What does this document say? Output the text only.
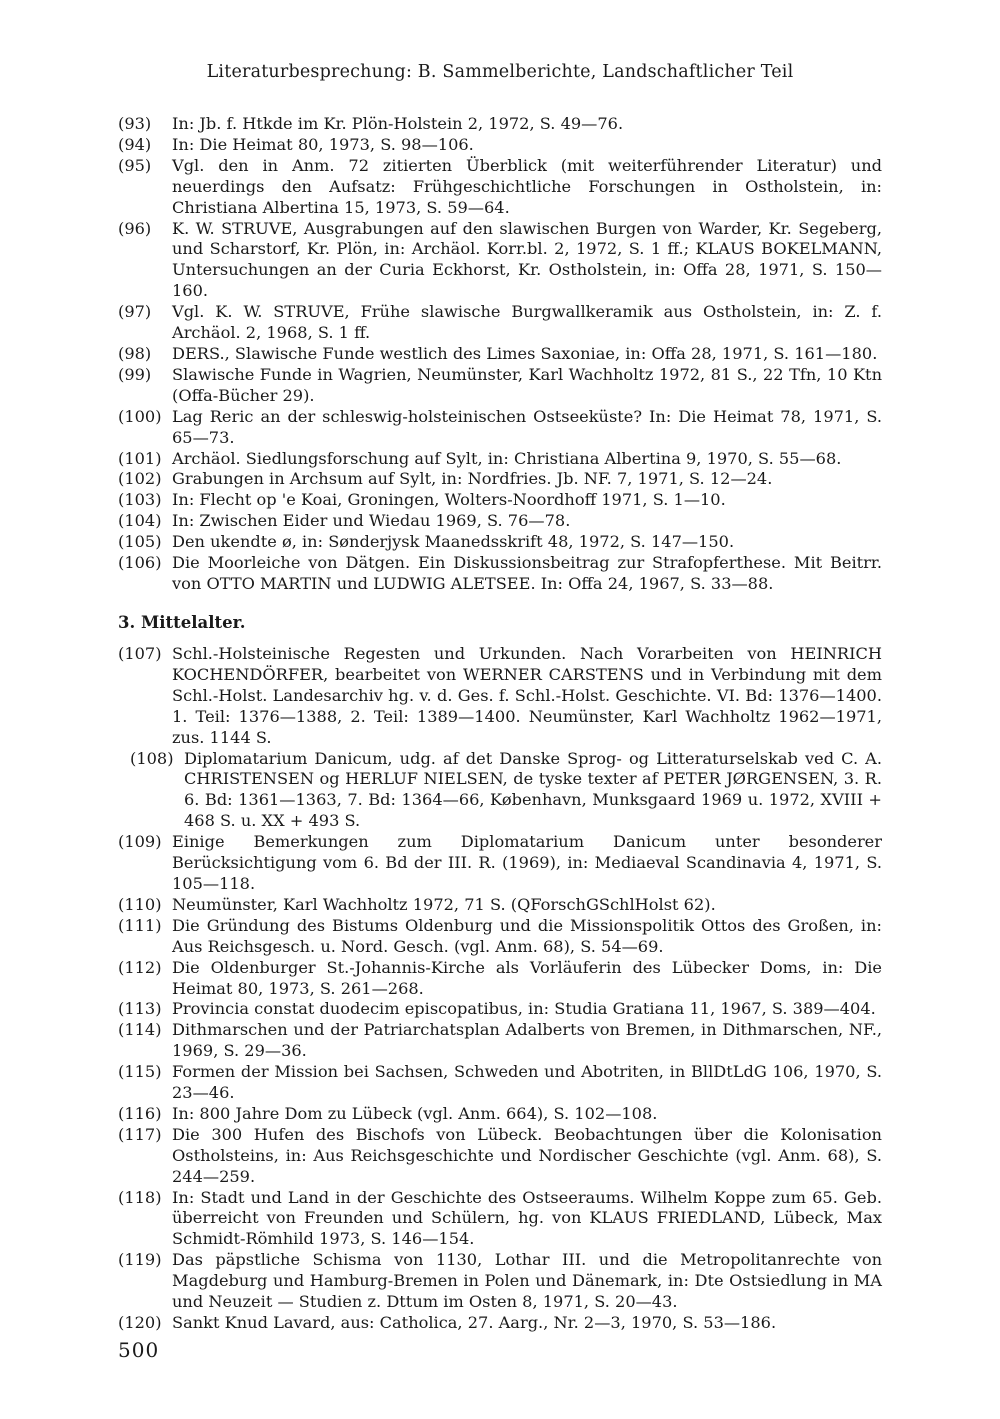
Literaturbesprechung: B. Sammelberichte, Landschaftlicher Teil

(93) In: Jb. f. Htkde im Kr. Plön-Holstein 2, 1972, S. 49—76.

(94) In: Die Heimat 80, 1973, S. 98—106.

(95) Vgl. den in Anm. 72 zitierten Überblick (mit weiterführender Literatur) und neuerdings den Aufsatz: Frühgeschichtliche Forschungen in Ostholstein, in: Christiana Albertina 15, 1973, S. 59—64.

(96) K. W. STRUVE, Ausgrabungen auf den slawischen Burgen von Warder, Kr. Segeberg, und Scharstorf, Kr. Plön, in: Archäol. Korr.bl. 2, 1972, S. 1 ff.; KLAUS BOKELMANN, Untersuchungen an der Curia Eckhorst, Kr. Ostholstein, in: Offa 28, 1971, S. 150—160.

(97) Vgl. K. W. STRUVE, Frühe slawische Burgwallkeramik aus Ostholstein, in: Z. f. Archäol. 2, 1968, S. 1 ff.

(98) DERS., Slawische Funde westlich des Limes Saxoniae, in: Offa 28, 1971, S. 161—180.

(99) Slawische Funde in Wagrien, Neumünster, Karl Wachholtz 1972, 81 S., 22 Tfn, 10 Ktn (Offa-Bücher 29).

(100) Lag Reric an der schleswig-holsteinischen Ostseeküste? In: Die Heimat 78, 1971, S. 65—73.

(101) Archäol. Siedlungsforschung auf Sylt, in: Christiana Albertina 9, 1970, S. 55—68.

(102) Grabungen in Archsum auf Sylt, in: Nordfries. Jb. NF. 7, 1971, S. 12—24.

(103) In: Flecht op 'e Koai, Groningen, Wolters-Noordhoff 1971, S. 1—10.

(104) In: Zwischen Eider und Wiedau 1969, S. 76—78.

(105) Den ukendte ø, in: Sønderjysk Maanedsskrift 48, 1972, S. 147—150.

(106) Die Moorleiche von Dätgen. Ein Diskussionsbeitrag zur Strafopferthese. Mit Beitrr. von OTTO MARTIN und LUDWIG ALETSEE. In: Offa 24, 1967, S. 33—88.

3. Mittelalter.

(107) Schl.-Holsteinische Regesten und Urkunden. Nach Vorarbeiten von HEINRICH KOCHENDÖRFER, bearbeitet von WERNER CARSTENS und in Verbindung mit dem Schl.-Holst. Landesarchiv hg. v. d. Ges. f. Schl.-Holst. Geschichte. VI. Bd: 1376—1400. 1. Teil: 1376—1388, 2. Teil: 1389—1400. Neumünster, Karl Wachholtz 1962—1971, zus. 1144 S.

(108) Diplomatarium Danicum, udg. af det Danske Sprog- og Litteraturselskab ved C. A. CHRISTENSEN og HERLUF NIELSEN, de tyske texter af PETER JØRGENSEN, 3. R. 6. Bd: 1361—1363, 7. Bd: 1364—66, København, Munksgaard 1969 u. 1972, XVIII + 468 S. u. XX + 493 S.

(109) Einige Bemerkungen zum Diplomatarium Danicum unter besonderer Berücksichtigung vom 6. Bd der III. R. (1969), in: Mediaeval Scandinavia 4, 1971, S. 105—118.

(110) Neumünster, Karl Wachholtz 1972, 71 S. (QForschGSchlHolst 62).

(111) Die Gründung des Bistums Oldenburg und die Missionspolitik Ottos des Großen, in: Aus Reichsgesch. u. Nord. Gesch. (vgl. Anm. 68), S. 54—69.

(112) Die Oldenburger St.-Johannis-Kirche als Vorläuferin des Lübecker Doms, in: Die Heimat 80, 1973, S. 261—268.

(113) Provincia constat duodecim episcopatibus, in: Studia Gratiana 11, 1967, S. 389—404.

(114) Dithmarschen und der Patriarchatsplan Adalberts von Bremen, in Dithmarschen, NF., 1969, S. 29—36.

(115) Formen der Mission bei Sachsen, Schweden und Abotriten, in BllDtLdG 106, 1970, S. 23—46.

(116) In: 800 Jahre Dom zu Lübeck (vgl. Anm. 664), S. 102—108.

(117) Die 300 Hufen des Bischofs von Lübeck. Beobachtungen über die Kolonisation Ostholsteins, in: Aus Reichsgeschichte und Nordischer Geschichte (vgl. Anm. 68), S. 244—259.

(118) In: Stadt und Land in der Geschichte des Ostseeraums. Wilhelm Koppe zum 65. Geb. überreicht von Freunden und Schülern, hg. von KLAUS FRIEDLAND, Lübeck, Max Schmidt-Römhild 1973, S. 146—154.

(119) Das päpstliche Schisma von 1130, Lothar III. und die Metropolitanrechte von Magdeburg und Hamburg-Bremen in Polen und Dänemark, in: Dte Ostsiedlung in MA und Neuzeit — Studien z. Dttum im Osten 8, 1971, S. 20—43.

(120) Sankt Knud Lavard, aus: Catholica, 27. Aarg., Nr. 2—3, 1970, S. 53—186.

500
